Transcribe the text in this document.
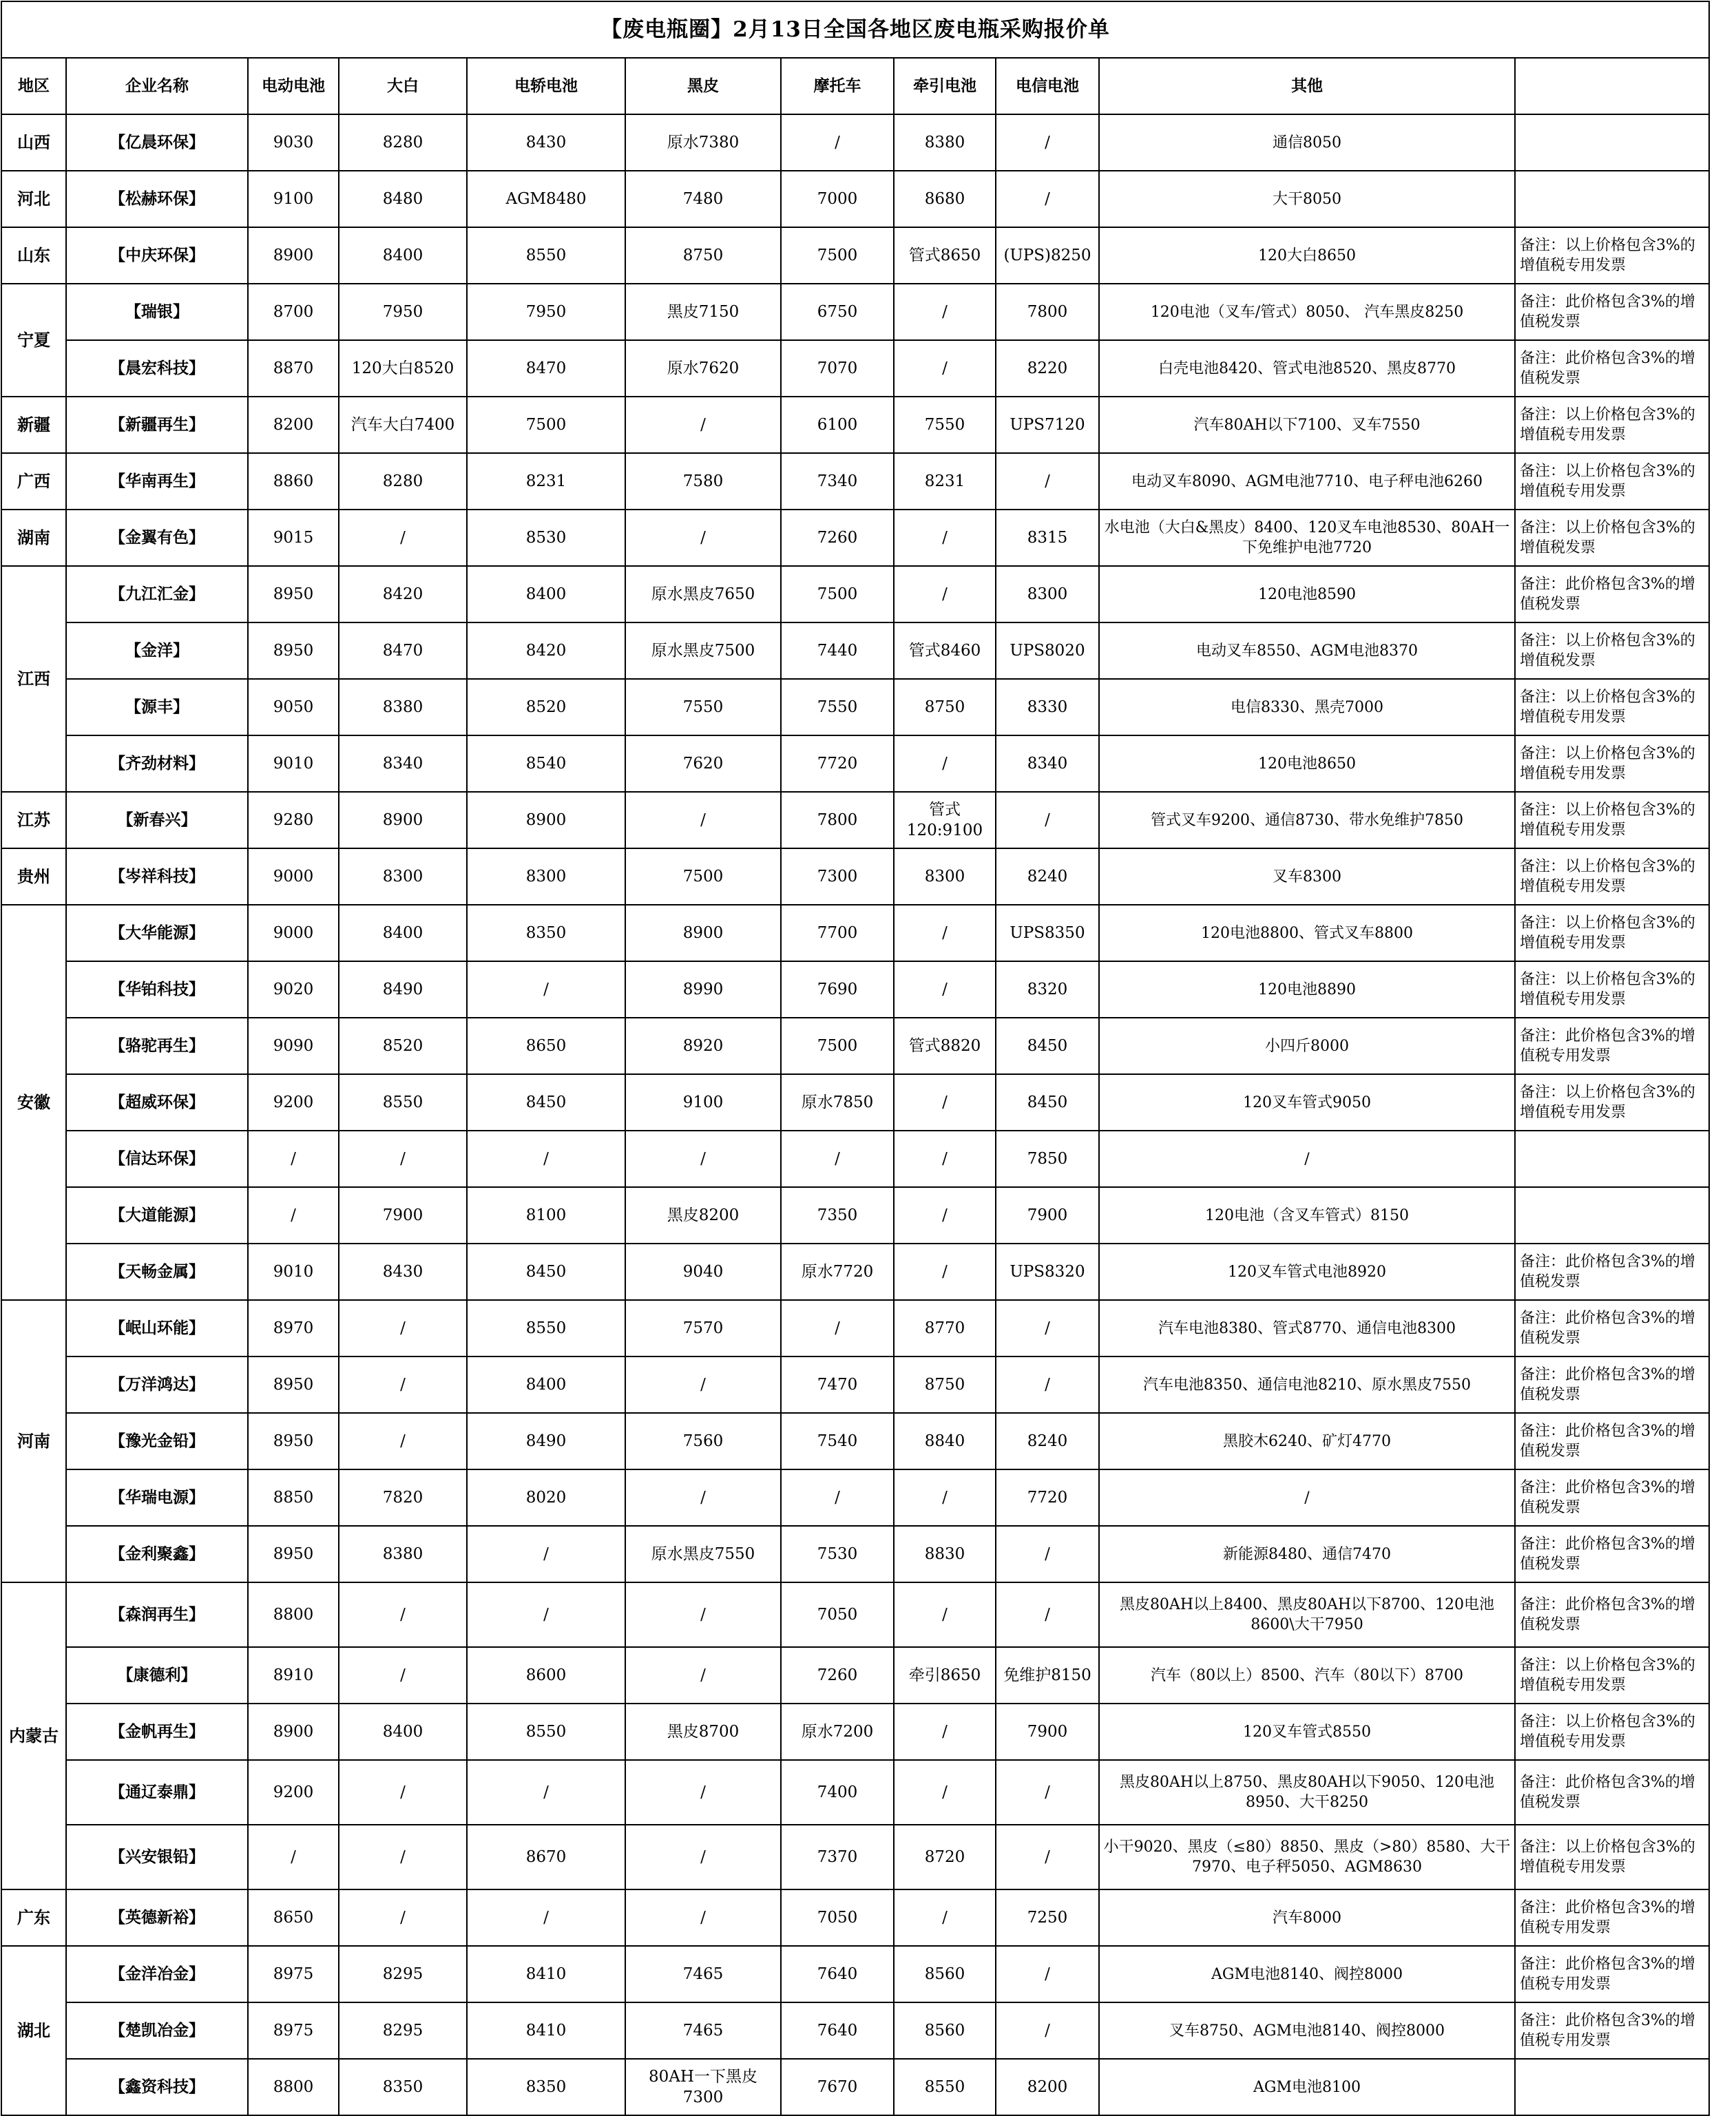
【废电瓶圈】2月13日全国各地区废电瓶采购报价单										
地区	企业名称	电动电池	大白	电轿电池	黑皮	摩托车	牵引电池	电信电池	其他	
山西	【亿晨环保】	9030	8280	8430	原水7380	/	8380	/	通信8050	
河北	【松赫环保】	9100	8480	AGM8480	7480	7000	8680	/	大干8050	
山东	【中庆环保】	8900	8400	8550	8750	7500	管式8650	(UPS)8250	120大白8650	备注：以上价格包含3%的增值税专用发票
宁夏	【瑞银】	8700	7950	7950	黑皮7150	6750	/	7800	120电池（叉车/管式）8050、 汽车黑皮8250	备注：此价格包含3%的增值税发票
	【晨宏科技】	8870	120大白8520	8470	原水7620	7070	/	8220	白壳电池8420、管式电池8520、黑皮8770	备注：此价格包含3%的增值税发票
新疆	【新疆再生】	8200	汽车大白7400	7500	/	6100	7550	UPS7120	汽车80AH以下7100、叉车7550	备注：以上价格包含3%的增值税专用发票
广西	【华南再生】	8860	8280	8231	7580	7340	8231	/	电动叉车8090、AGM电池7710、电子秤电池6260	备注：以上价格包含3%的增值税专用发票
湖南	【金翼有色】	9015	/	8530	/	7260	/	8315	水电池（大白&黑皮）8400、120叉车电池8530、80AH一下免维护电池7720	备注：以上价格包含3%的增值税发票
江西	【九江汇金】	8950	8420	8400	原水黑皮7650	7500	/	8300	120电池8590	备注：此价格包含3%的增值税发票
	【金洋】	8950	8470	8420	原水黑皮7500	7440	管式8460	UPS8020	电动叉车8550、AGM电池8370	备注：以上价格包含3%的增值税发票
	【源丰】	9050	8380	8520	7550	7550	8750	8330	电信8330、黑壳7000	备注：以上价格包含3%的增值税专用发票
	【齐劲材料】	9010	8340	8540	7620	7720	/	8340	120电池8650	备注：以上价格包含3%的增值税专用发票
江苏	【新春兴】	9280	8900	8900	/	7800	管式120:9100	/	管式叉车9200、通信8730、带水免维护7850	备注：以上价格包含3%的增值税专用发票
贵州	【岑祥科技】	9000	8300	8300	7500	7300	8300	8240	叉车8300	备注：以上价格包含3%的增值税专用发票
安徽	【大华能源】	9000	8400	8350	8900	7700	/	UPS8350	120电池8800、管式叉车8800	备注：以上价格包含3%的增值税专用发票
	【华铂科技】	9020	8490	/	8990	7690	/	8320	120电池8890	备注：以上价格包含3%的增值税专用发票
	【骆驼再生】	9090	8520	8650	8920	7500	管式8820	8450	小四斤8000	备注：此价格包含3%的增值税专用发票
	【超威环保】	9200	8550	8450	9100	原水7850	/	8450	120叉车管式9050	备注：以上价格包含3%的增值税专用发票
	【信达环保】	/	/	/	/	/	/	7850	/	
	【大道能源】	/	7900	8100	黑皮8200	7350	/	7900	120电池（含叉车管式）8150	
	【天畅金属】	9010	8430	8450	9040	原水7720	/	UPS8320	120叉车管式电池8920	备注：此价格包含3%的增值税发票
河南	【岷山环能】	8970	/	8550	7570	/	8770	/	汽车电池8380、管式8770、通信电池8300	备注：此价格包含3%的增值税发票
	【万洋鸿达】	8950	/	8400	/	7470	8750	/	汽车电池8350、通信电池8210、原水黑皮7550	备注：此价格包含3%的增值税发票
	【豫光金铅】	8950	/	8490	7560	7540	8840	8240	黑胶木6240、矿灯4770	备注：此价格包含3%的增值税发票
	【华瑞电源】	8850	7820	8020	/	/	/	7720	/	备注：此价格包含3%的增值税发票
	【金利聚鑫】	8950	8380	/	原水黑皮7550	7530	8830	/	新能源8480、通信7470	备注：此价格包含3%的增值税发票
内蒙古	【森润再生】	8800	/	/	/	7050	/	/	黑皮80AH以上8400、黑皮80AH以下8700、120电池8600\大干7950	备注：此价格包含3%的增值税发票
	【康德利】	8910	/	8600	/	7260	牵引8650	免维护8150	汽车（80以上）8500、汽车（80以下）8700	备注：以上价格包含3%的增值税专用发票
	【金帆再生】	8900	8400	8550	黑皮8700	原水7200	/	7900	120叉车管式8550	备注：以上价格包含3%的增值税专用发票
	【通辽泰鼎】	9200	/	/	/	7400	/	/	黑皮80AH以上8750、黑皮80AH以下9050、120电池8950、大干8250	备注：此价格包含3%的增值税发票
	【兴安银铅】	/	/	8670	/	7370	8720	/	小干9020、黑皮（≤80）8850、黑皮（>80）8580、大干7970、电子秤5050、AGM8630	备注：以上价格包含3%的增值税专用发票
广东	【英德新裕】	8650	/	/	/	7050	/	7250	汽车8000	备注：此价格包含3%的增值税专用发票
湖北	【金洋冶金】	8975	8295	8410	7465	7640	8560	/	AGM电池8140、阀控8000	备注：此价格包含3%的增值税专用发票
	【楚凯冶金】	8975	8295	8410	7465	7640	8560	/	叉车8750、AGM电池8140、阀控8000	备注：此价格包含3%的增值税专用发票
	【鑫资科技】	8800	8350	8350	80AH一下黑皮7300	7670	8550	8200	AGM电池8100	
